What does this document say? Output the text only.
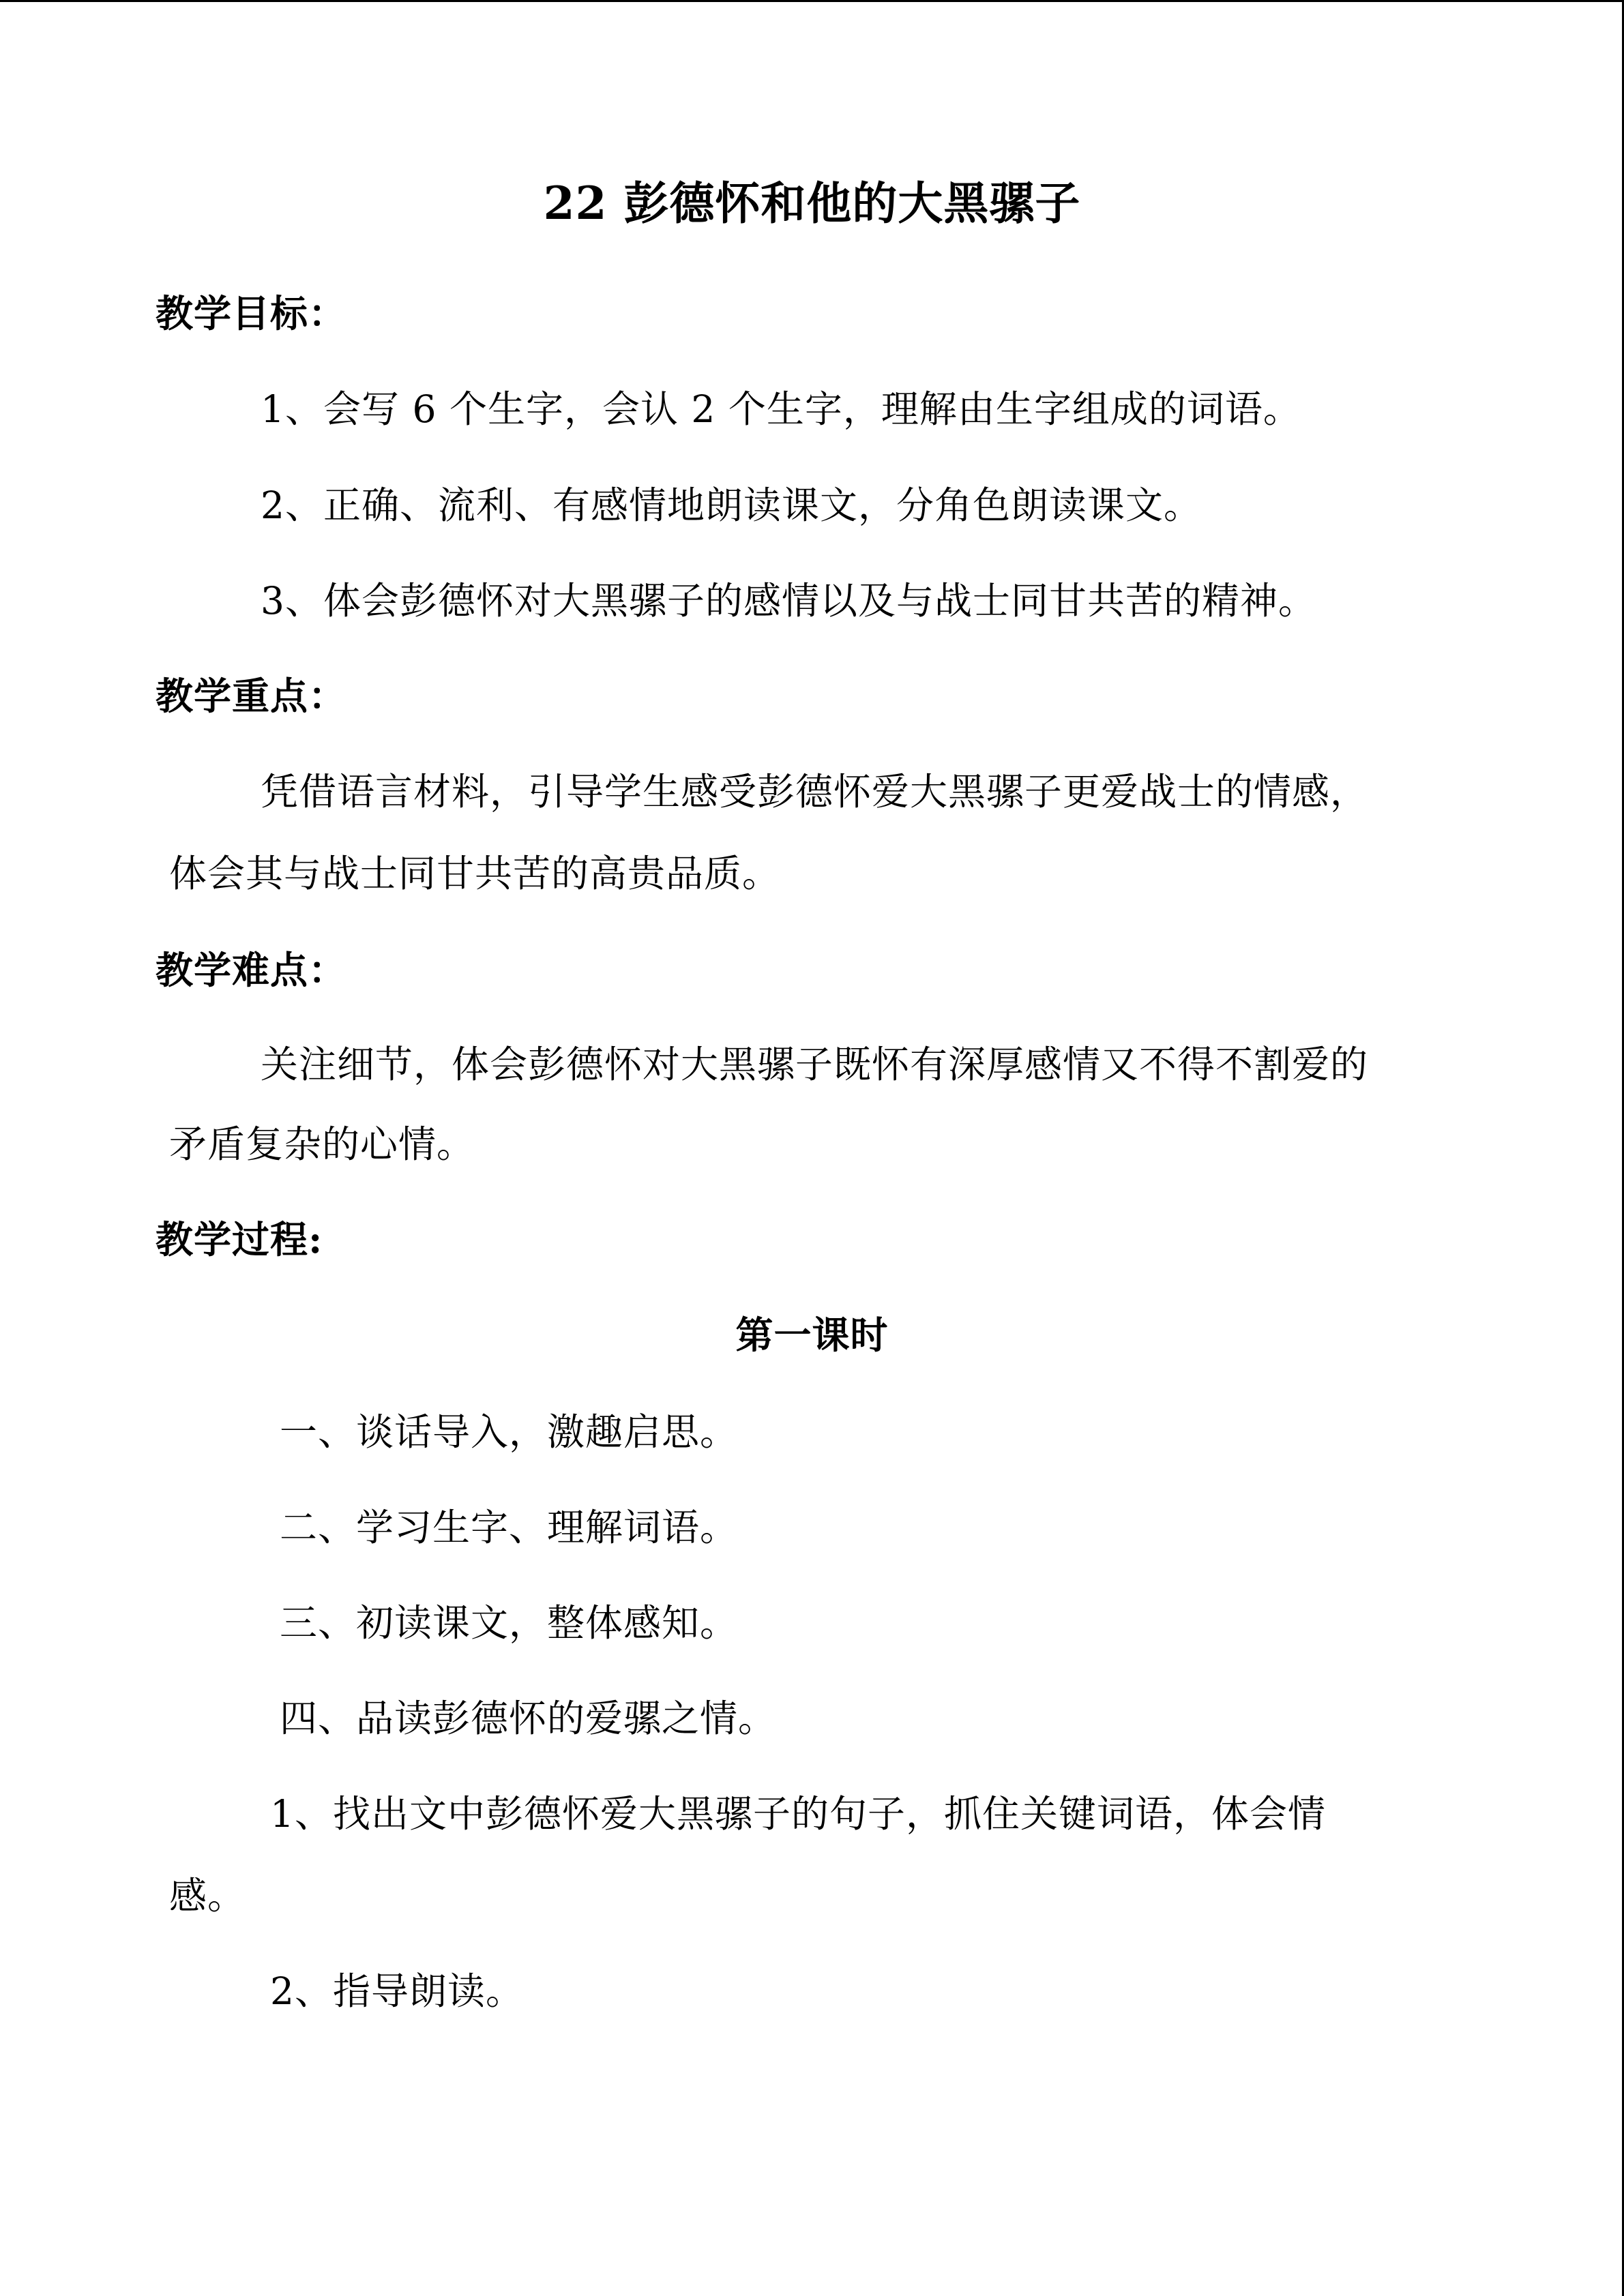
22 彭德怀和他的大黑骡子
教学目标：
1、会写 6 个生字，会认 2 个生字，理解由生字组成的词语。
2、正确、流利、有感情地朗读课文，分角色朗读课文。
3、体会彭德怀对大黑骡子的感情以及与战士同甘共苦的精神。
教学重点：
凭借语言材料，引导学生感受彭德怀爱大黑骡子更爱战士的情感，
体会其与战士同甘共苦的高贵品质。
教学难点：
关注细节，体会彭德怀对大黑骡子既怀有深厚感情又不得不割爱的
矛盾复杂的心情。
教学过程:
第一课时
一、谈话导入，激趣启思。
二、学习生字、理解词语。
三、初读课文，整体感知。
四、品读彭德怀的爱骡之情。
1、找出文中彭德怀爱大黑骡子的句子，抓住关键词语，体会情
感。
2、指导朗读。
